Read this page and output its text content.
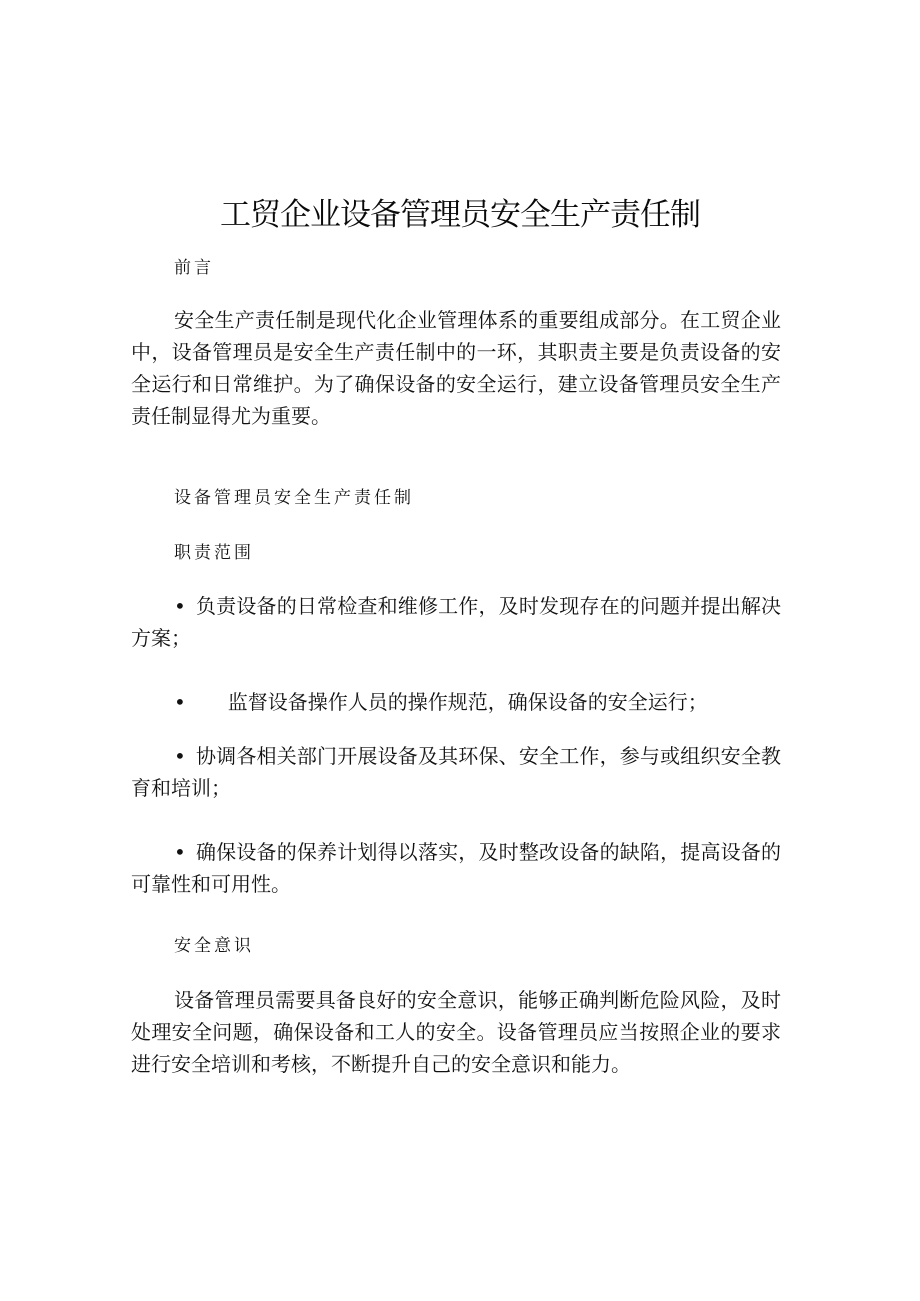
工贸企业设备管理员安全生产责任制
前言

安全生产责任制是现代化企业管理体系的重要组成部分。在工贸企业中，设备管理员是安全生产责任制中的一环，其职责主要是负责设备的安全运行和日常维护。为了确保设备的安全运行，建立设备管理员安全生产责任制显得尤为重要。

设备管理员安全生产责任制
职责范围

• 负责设备的日常检查和维修工作，及时发现存在的问题并提出解决方案；

• 监督设备操作人员的操作规范，确保设备的安全运行；

• 协调各相关部门开展设备及其环保、安全工作，参与或组织安全教育和培训；

• 确保设备的保养计划得以落实，及时整改设备的缺陷，提高设备的可靠性和可用性。

安全意识

设备管理员需要具备良好的安全意识，能够正确判断危险风险，及时处理安全问题，确保设备和工人的安全。设备管理员应当按照企业的要求进行安全培训和考核，不断提升自己的安全意识和能力。
